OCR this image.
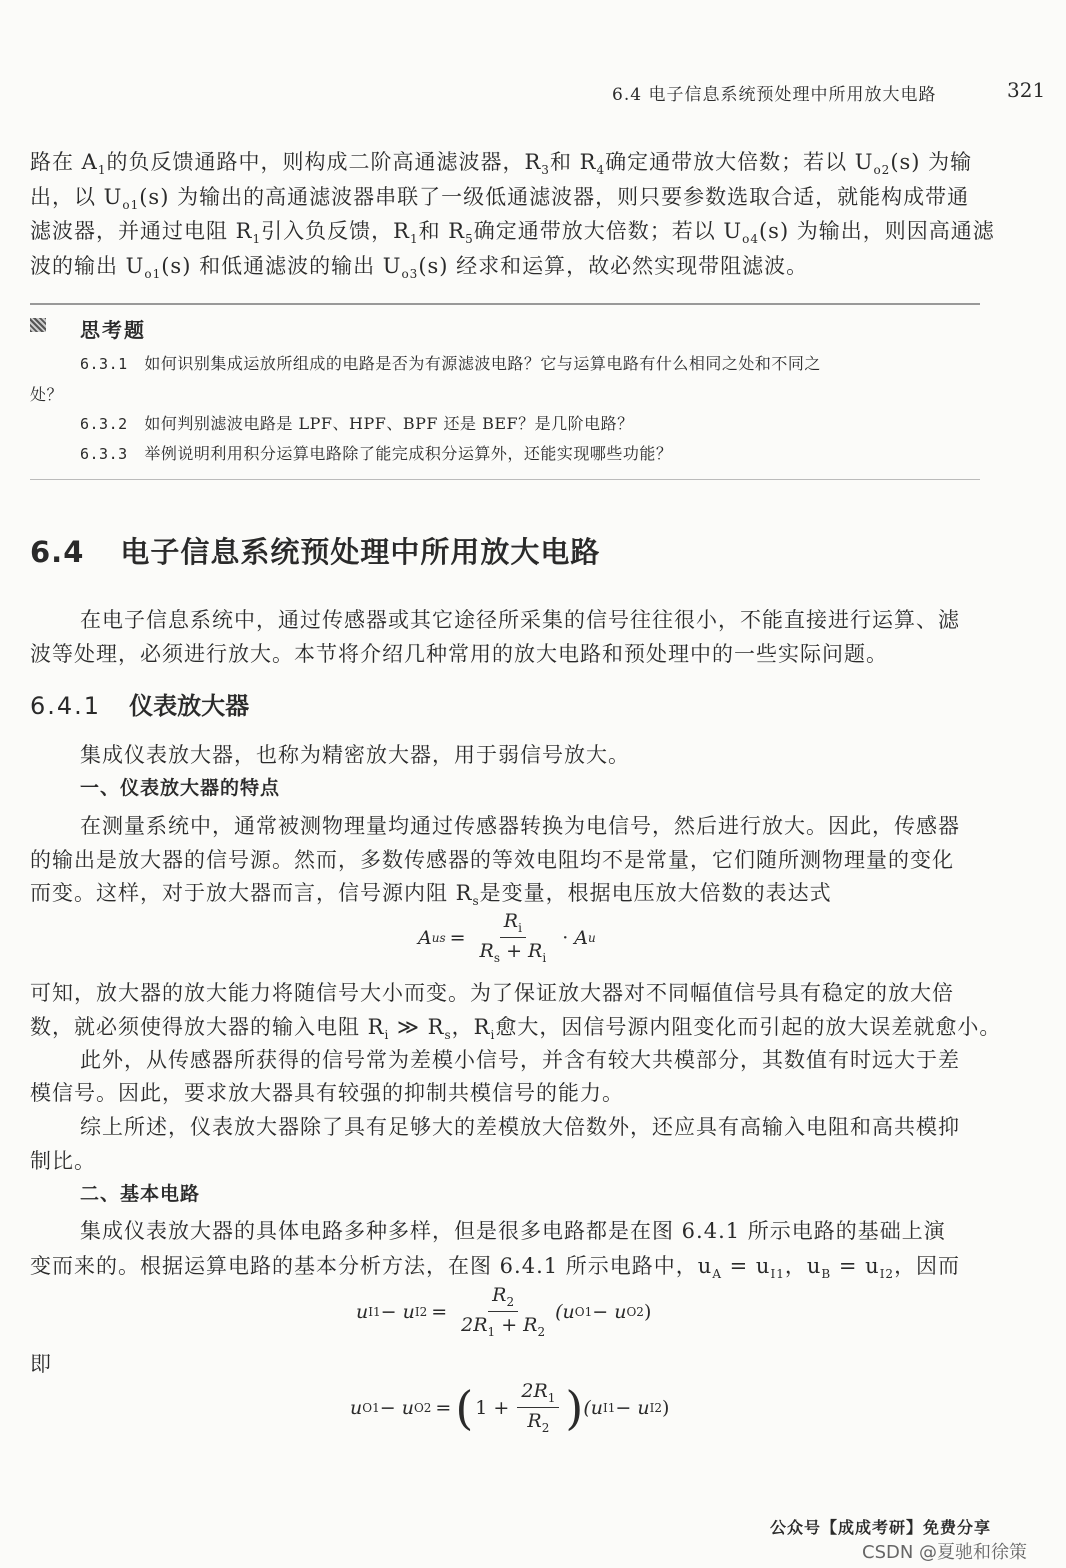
6.4 电子信息系统预处理中所用放大电路	321
路在 $A_1$的负反馈通路中，则构成二阶高通滤波器，$R_3$和 $R_4$确定通带放大倍数；若以 $U_{o2}(s)$ 为输
出，以 $U_{o1}(s)$ 为输出的高通滤波器串联了一级低通滤波器，则只要参数选取合适，就能构成带通
滤波器，并通过电阻 $R_1$引入负反馈，$R_1$和 $R_5$确定通带放大倍数；若以 $U_{o4}(s)$ 为输出，则因高通滤
波的输出 $U_{o1}(s)$ 和低通滤波的输出 $U_{o3}(s)$ 经求和运算，故必然实现带阻滤波。
思考题
6.3.1 如何识别集成运放所组成的电路是否为有源滤波电路？它与运算电路有什么相同之处和不同之
处？
6.3.2 如何判别滤波电路是 LPF、HPF、BPF 还是 BEF？是几阶电路？
6.3.3 举例说明利用积分运算电路除了能完成积分运算外，还能实现哪些功能？
6.4 电子信息系统预处理中所用放大电路
在电子信息系统中，通过传感器或其它途径所采集的信号往往很小，不能直接进行运算、滤
波等处理，必须进行放大。本节将介绍几种常用的放大电路和预处理中的一些实际问题。
6.4.1 仪表放大器
集成仪表放大器，也称为精密放大器，用于弱信号放大。
一、仪表放大器的特点
在测量系统中，通常被测物理量均通过传感器转换为电信号，然后进行放大。因此，传感器
的输出是放大器的信号源。然而，多数传感器的等效电阻均不是常量，它们随所测物理量的变化
而变。这样，对于放大器而言，信号源内阻 $R_s$是变量，根据电压放大倍数的表达式
A us = $\frac{R_i}{R_s + R_i} \cdot A$ u
可知，放大器的放大能力将随信号大小而变。为了保证放大器对不同幅值信号具有稳定的放大倍
数，就必须使得放大器的输入电阻 $R_i$ ≫ $R_s$，$R_i$愈大，因信号源内阻变化而引起的放大误差就愈小。
此外，从传感器所获得的信号常为差模小信号，并含有较大共模部分，其数值有时远大于差
模信号。因此，要求放大器具有较强的抑制共模信号的能力。
综上所述，仪表放大器除了具有足够大的差模放大倍数外，还应具有高输入电阻和高共模抑
制比。
二、基本电路
集成仪表放大器的具体电路多种多样，但是很多电路都是在图 6.4.1 所示电路的基础上演
变而来的。根据运算电路的基本分析方法，在图 6.4.1 所示电路中，$u_A = u_{I1}$，$u_B = u_{I2}$，因而
u I1 − u $I2 = \frac{R_2}{2R_1 + R_2} (u$ O1 − u O2 )
即
u O1 − u O2 = ( $1 + \frac{2R_1}{R_2}$ ) (u I1 − u I2 )
公众号【成成考研】免费分享
CSDN @夏驰和徐策
